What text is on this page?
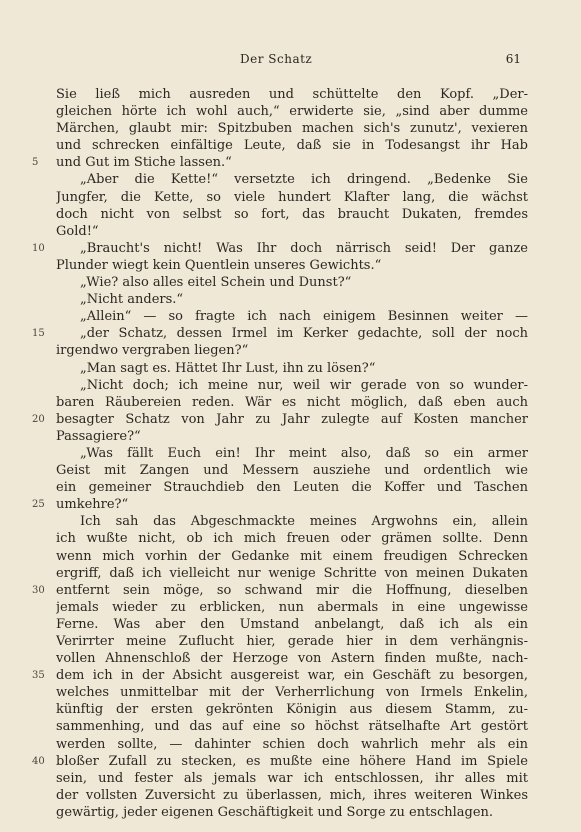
Der Schatz	61
Sie ließ mich ausreden und schüttelte den Kopf. „Der-
gleichen hörte ich wohl auch,“ erwiderte sie, „sind aber dumme
Märchen, glaubt mir: Spitzbuben machen sich's zunutz', vexieren
und schrecken einfältige Leute, daß sie in Todesangst ihr Hab
und Gut im Stiche lassen.“
„Aber die Kette!“ versetzte ich dringend. „Bedenke Sie
Jungfer, die Kette, so viele hundert Klafter lang, die wächst
doch nicht von selbst so fort, das braucht Dukaten, fremdes
Gold!“
„Braucht's nicht! Was Ihr doch närrisch seid! Der ganze
Plunder wiegt kein Quentlein unseres Gewichts.“
„Wie? also alles eitel Schein und Dunst?“
„Nicht anders.“
„Allein“ — so fragte ich nach einigem Besinnen weiter —
„der Schatz, dessen Irmel im Kerker gedachte, soll der noch
irgendwo vergraben liegen?“
„Man sagt es. Hättet Ihr Lust, ihn zu lösen?“
„Nicht doch; ich meine nur, weil wir gerade von so wunder-
baren Räubereien reden. Wär es nicht möglich, daß eben auch
besagter Schatz von Jahr zu Jahr zulegte auf Kosten mancher
Passagiere?“
„Was fällt Euch ein! Ihr meint also, daß so ein armer
Geist mit Zangen und Messern ausziehe und ordentlich wie
ein gemeiner Strauchdieb den Leuten die Koffer und Taschen
umkehre?“
Ich sah das Abgeschmackte meines Argwohns ein, allein
ich wußte nicht, ob ich mich freuen oder grämen sollte. Denn
wenn mich vorhin der Gedanke mit einem freudigen Schrecken
ergriff, daß ich vielleicht nur wenige Schritte von meinen Dukaten
entfernt sein möge, so schwand mir die Hoffnung, dieselben
jemals wieder zu erblicken, nun abermals in eine ungewisse
Ferne. Was aber den Umstand anbelangt, daß ich als ein
Verirrter meine Zuflucht hier, gerade hier in dem verhängnis-
vollen Ahnenschloß der Herzoge von Astern finden mußte, nach-
dem ich in der Absicht ausgereist war, ein Geschäft zu besorgen,
welches unmittelbar mit der Verherrlichung von Irmels Enkelin,
künftig der ersten gekrönten Königin aus diesem Stamm, zu-
sammenhing, und das auf eine so höchst rätselhafte Art gestört
werden sollte, — dahinter schien doch wahrlich mehr als ein
bloßer Zufall zu stecken, es mußte eine höhere Hand im Spiele
sein, und fester als jemals war ich entschlossen, ihr alles mit
der vollsten Zuversicht zu überlassen, mich, ihres weiteren Winkes
gewärtig, jeder eigenen Geschäftigkeit und Sorge zu entschlagen.
5
10
15
20
25
30
35
40
